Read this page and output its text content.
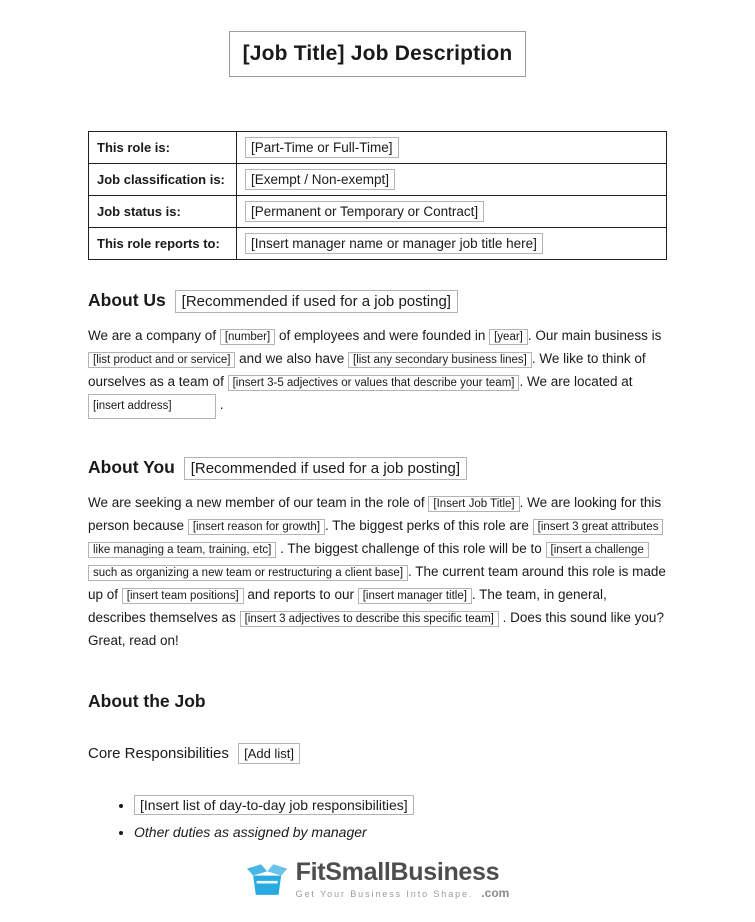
[Job Title] Job Description
This role is:	[Part-Time or Full-Time]
Job classification is:	[Exempt / Non-exempt]
Job status is:	[Permanent or Temporary or Contract]
This role reports to:	[Insert manager name or manager job title here]
About Us [Recommended if used for a job posting]

We are a company of [number] of employees and were founded in [year] . Our main business is [list product and or service] and we also have [list any secondary business lines] . We like to think of ourselves as a team of [insert 3-5 adjectives or values that describe your team] . We are located at [insert address]	.

About You [Recommended if used for a job posting]

We are seeking a new member of our team in the role of [Insert Job Title] . We are looking for this person because [insert reason for growth] . The biggest perks of this role are [insert 3 great attributes like managing a team, training, etc] . The biggest challenge of this role will be to [insert a challenge such as organizing a new team or restructuring a client base] . The current team around this role is made up of [insert team positions] and reports to our [insert manager title] . The team, in general, describes themselves as [insert 3 adjectives to describe this specific team] . Does this sound like you? Great, read on!

About the Job
Core Responsibilities [Add list]
• [Insert list of day-to-day job responsibilities]
• Other duties as assigned by manager
FitSmallBusiness
Get Your Business Into Shape. .com
